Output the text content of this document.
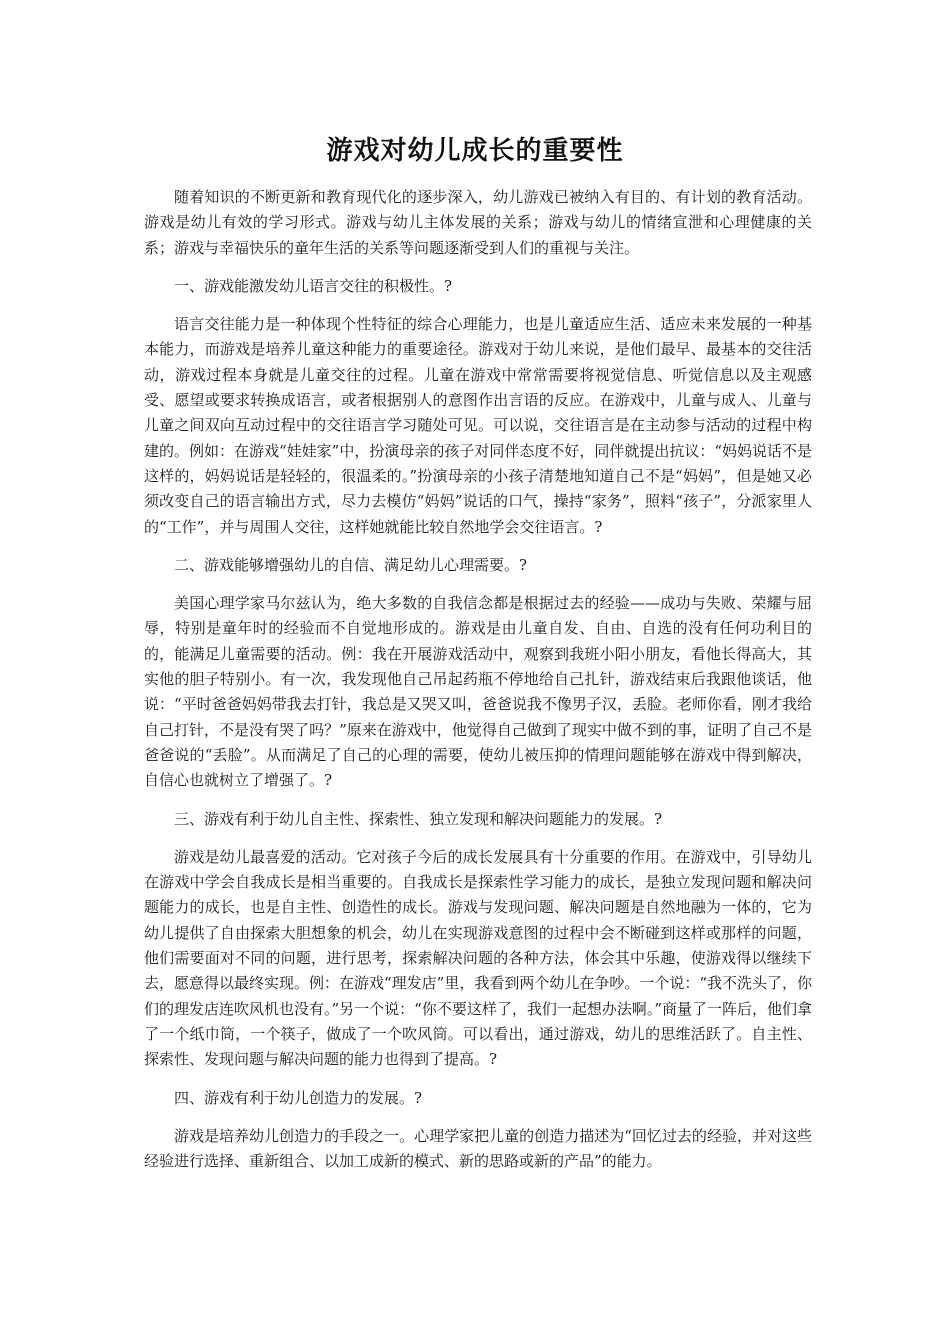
游戏对幼儿成长的重要性

随着知识的不断更新和教育现代化的逐步深入，幼儿游戏已被纳入有目的、有计划的教育活动。游戏是幼儿有效的学习形式。游戏与幼儿主体发展的关系；游戏与幼儿的情绪宣泄和心理健康的关系；游戏与幸福快乐的童年生活的关系等问题逐渐受到人们的重视与关注。

一、游戏能激发幼儿语言交往的积极性。?

语言交往能力是一种体现个性特征的综合心理能力，也是儿童适应生活、适应未来发展的一种基本能力，而游戏是培养儿童这种能力的重要途径。游戏对于幼儿来说，是他们最早、最基本的交往活动，游戏过程本身就是儿童交往的过程。儿童在游戏中常常需要将视觉信息、听觉信息以及主观感受、愿望或要求转换成语言，或者根据别人的意图作出言语的反应。在游戏中，儿童与成人、儿童与儿童之间双向互动过程中的交往语言学习随处可见。可以说，交往语言是在主动参与活动的过程中构建的。例如：在游戏“娃娃家”中，扮演母亲的孩子对同伴态度不好，同伴就提出抗议：“妈妈说话不是这样的，妈妈说话是轻轻的，很温柔的。”扮演母亲的小孩子清楚地知道自己不是“妈妈”，但是她又必须改变自己的语言输出方式，尽力去模仿“妈妈”说话的口气，操持“家务”，照料“孩子”，分派家里人的“工作”，并与周围人交往，这样她就能比较自然地学会交往语言。?

二、游戏能够增强幼儿的自信、满足幼儿心理需要。?

美国心理学家马尔兹认为，绝大多数的自我信念都是根据过去的经验——成功与失败、荣耀与屈辱，特别是童年时的经验而不自觉地形成的。游戏是由儿童自发、自由、自选的没有任何功利目的的，能满足儿童需要的活动。例：我在开展游戏活动中，观察到我班小阳小朋友，看他长得高大，其实他的胆子特别小。有一次，我发现他自己吊起药瓶不停地给自己扎针，游戏结束后我跟他谈话，他说：“平时爸爸妈妈带我去打针，我总是又哭又叫，爸爸说我不像男子汉，丢脸。老师你看，刚才我给自己打针，不是没有哭了吗？”原来在游戏中，他觉得自己做到了现实中做不到的事，证明了自己不是爸爸说的“丢脸”。从而满足了自己的心理的需要，使幼儿被压抑的情理问题能够在游戏中得到解决，自信心也就树立了增强了。?

三、游戏有利于幼儿自主性、探索性、独立发现和解决问题能力的发展。?

游戏是幼儿最喜爱的活动。它对孩子今后的成长发展具有十分重要的作用。在游戏中，引导幼儿在游戏中学会自我成长是相当重要的。自我成长是探索性学习能力的成长，是独立发现问题和解决问题能力的成长，也是自主性、创造性的成长。游戏与发现问题、解决问题是自然地融为一体的，它为幼儿提供了自由探索大胆想象的机会，幼儿在实现游戏意图的过程中会不断碰到这样或那样的问题，他们需要面对不同的问题，进行思考，探索解决问题的各种方法，体会其中乐趣，使游戏得以继续下去，愿意得以最终实现。例：在游戏“理发店”里，我看到两个幼儿在争吵。一个说：“我不洗头了，你们的理发店连吹风机也没有。”另一个说：“你不要这样了，我们一起想办法啊。”商量了一阵后，他们拿了一个纸巾筒，一个筷子，做成了一个吹风筒。可以看出，通过游戏，幼儿的思维活跃了。自主性、探索性、发现问题与解决问题的能力也得到了提高。?

四、游戏有利于幼儿创造力的发展。?

游戏是培养幼儿创造力的手段之一。心理学家把儿童的创造力描述为“回忆过去的经验，并对这些经验进行选择、重新组合、以加工成新的模式、新的思路或新的产品”的能力。
